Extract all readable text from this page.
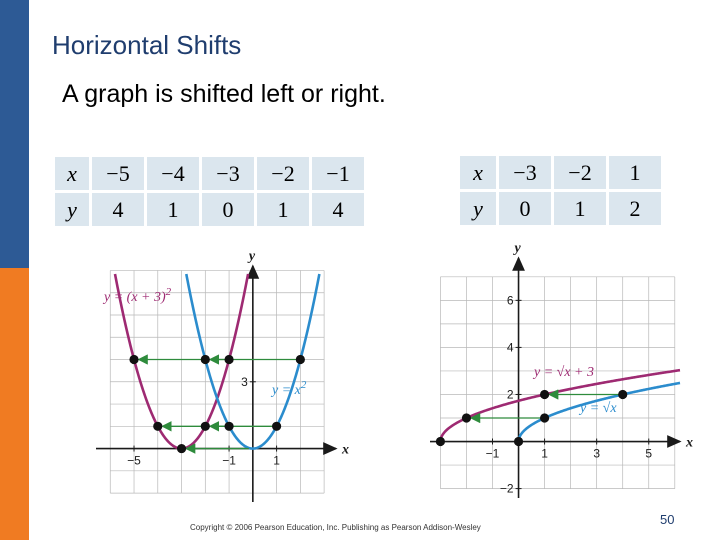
Horizontal Shifts
A graph is shifted left or right.
x	−5	−4	−3	−2	−1
y	4	1	0	1	4
x	−3	−2	1
y	0	1	2
x
y
−5	−1	1
3
$y = (x + 3)^2$
$y = x^2$
x
y
−1	1	3	5
2
4
6
−2
y = √x + 3
y = √x
Copyright © 2006 Pearson Education, Inc. Publishing as Pearson Addison-Wesley
50
